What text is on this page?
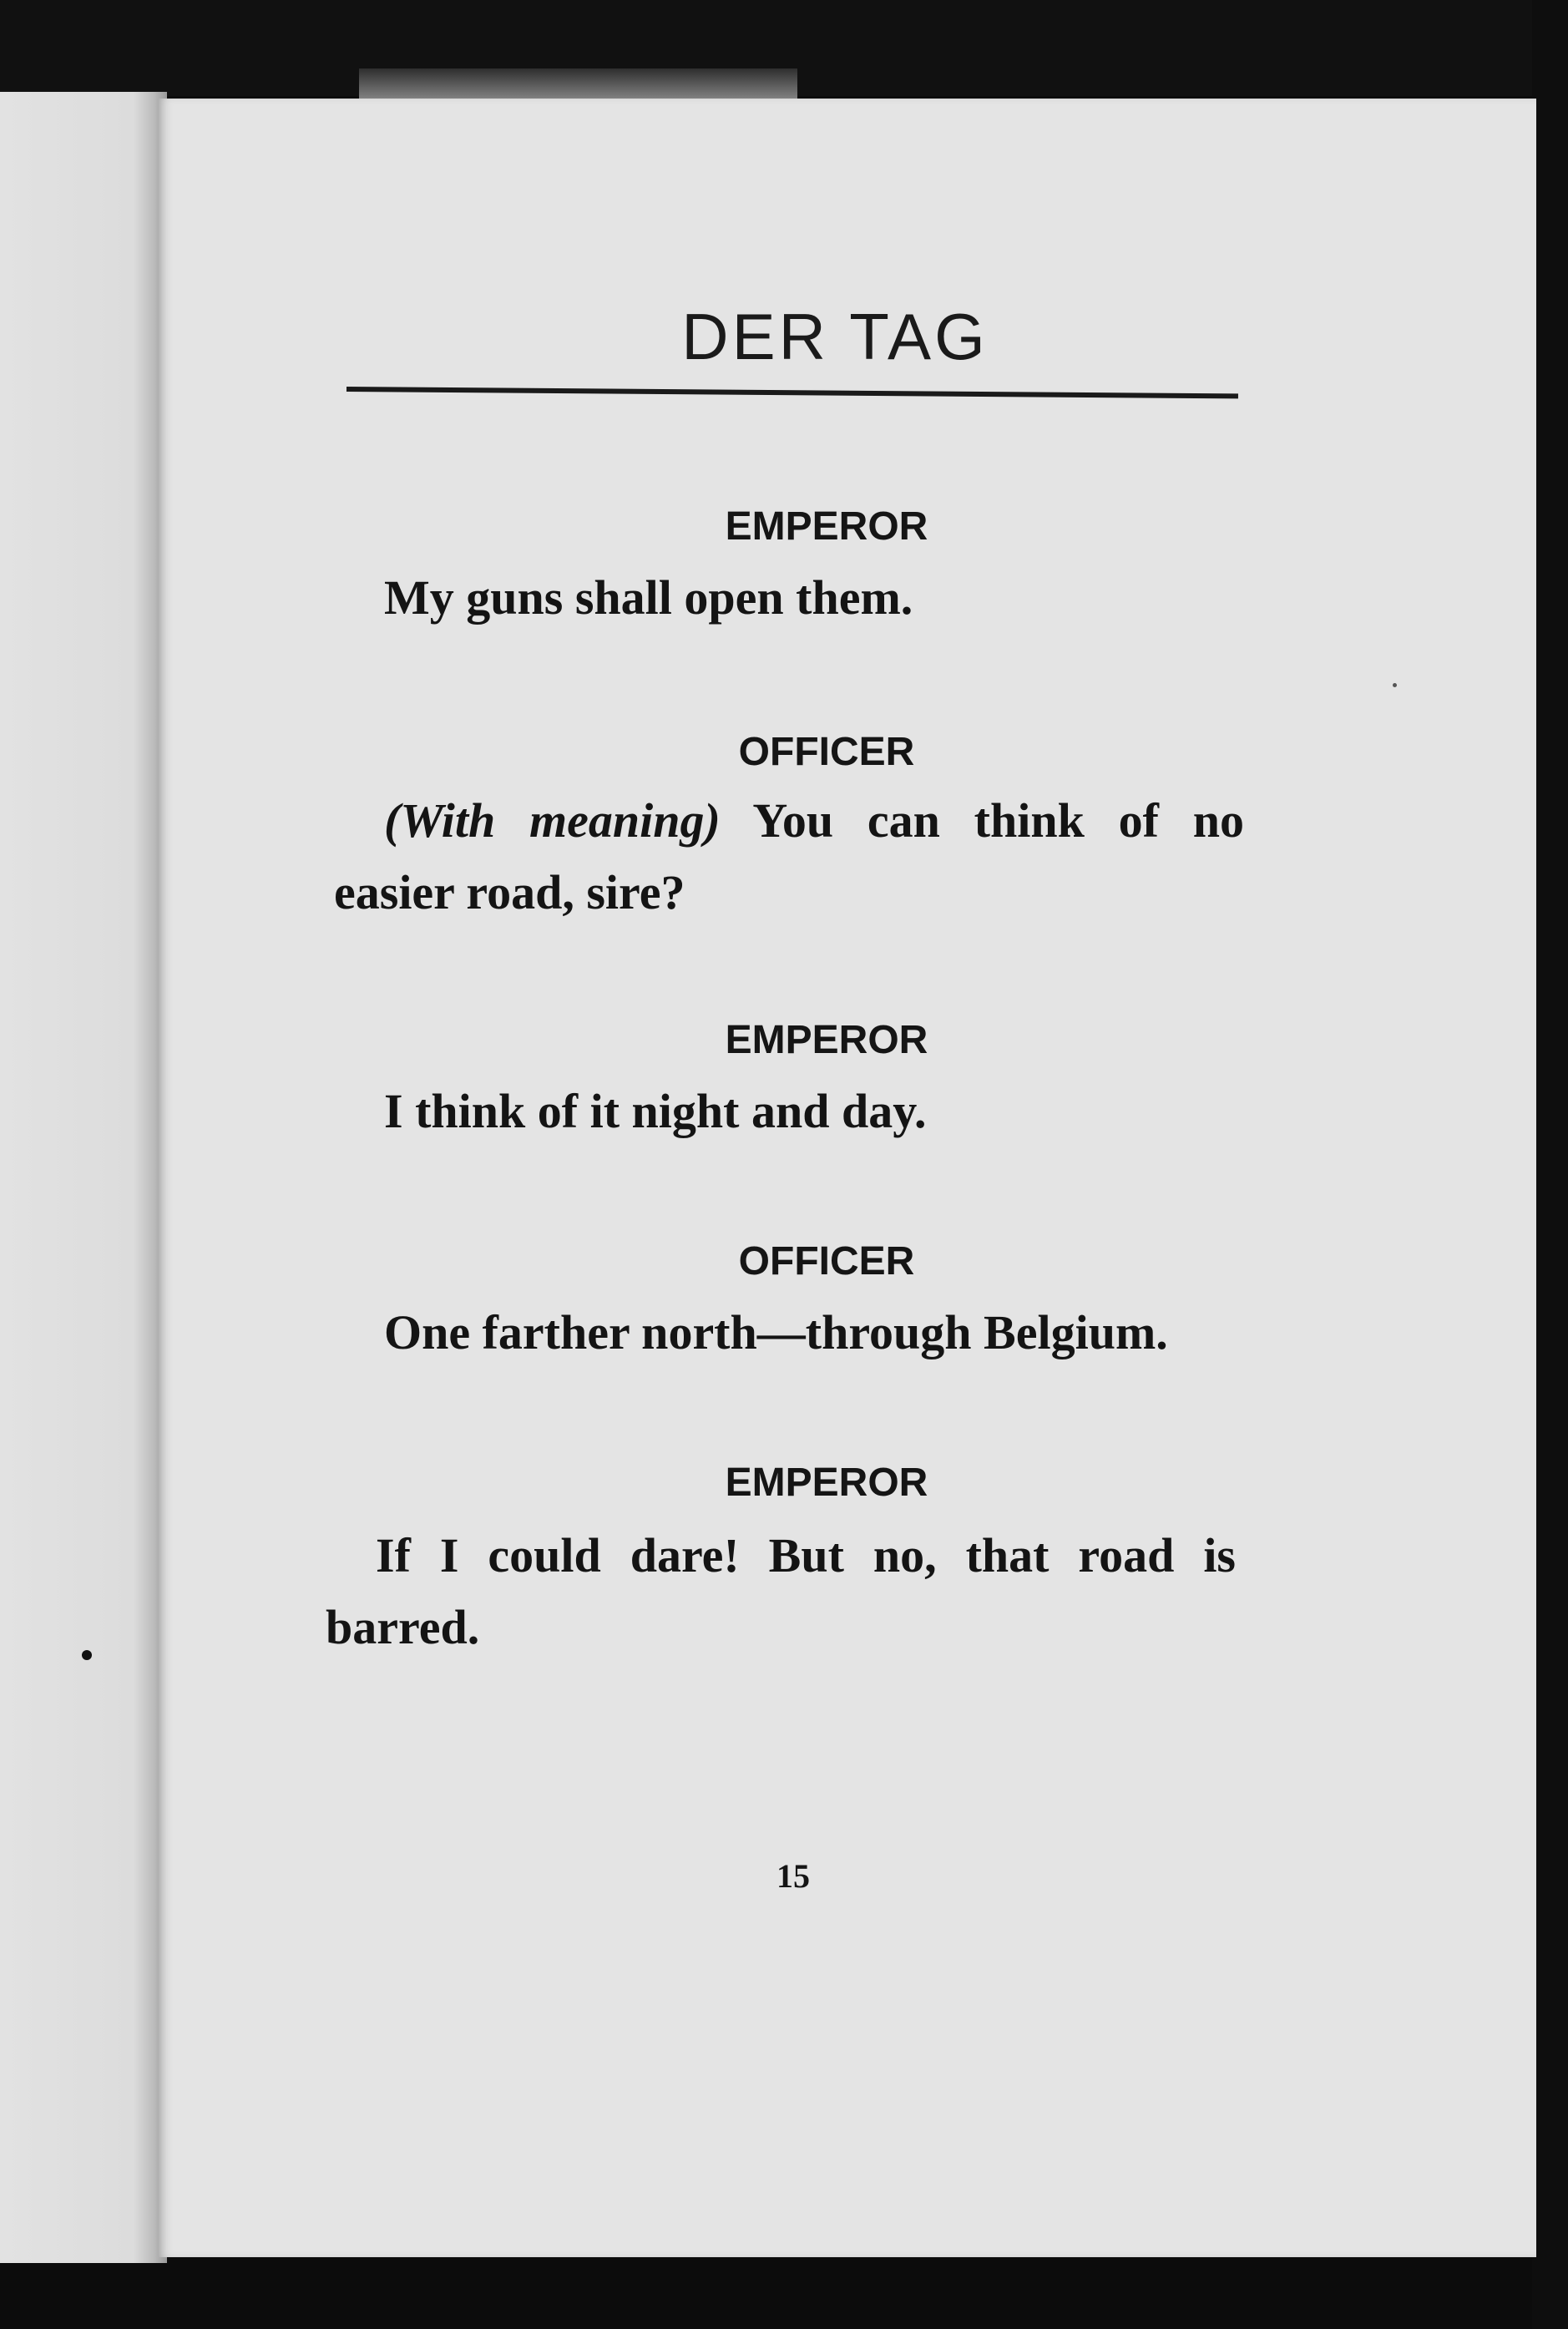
DER TAG
EMPEROR
My guns shall open them.
OFFICER
(With meaning) You can think of no easier road, sire?
EMPEROR
I think of it night and day.
OFFICER
One farther north—through Belgium.
EMPEROR
If I could dare! But no, that road is barred.
15
